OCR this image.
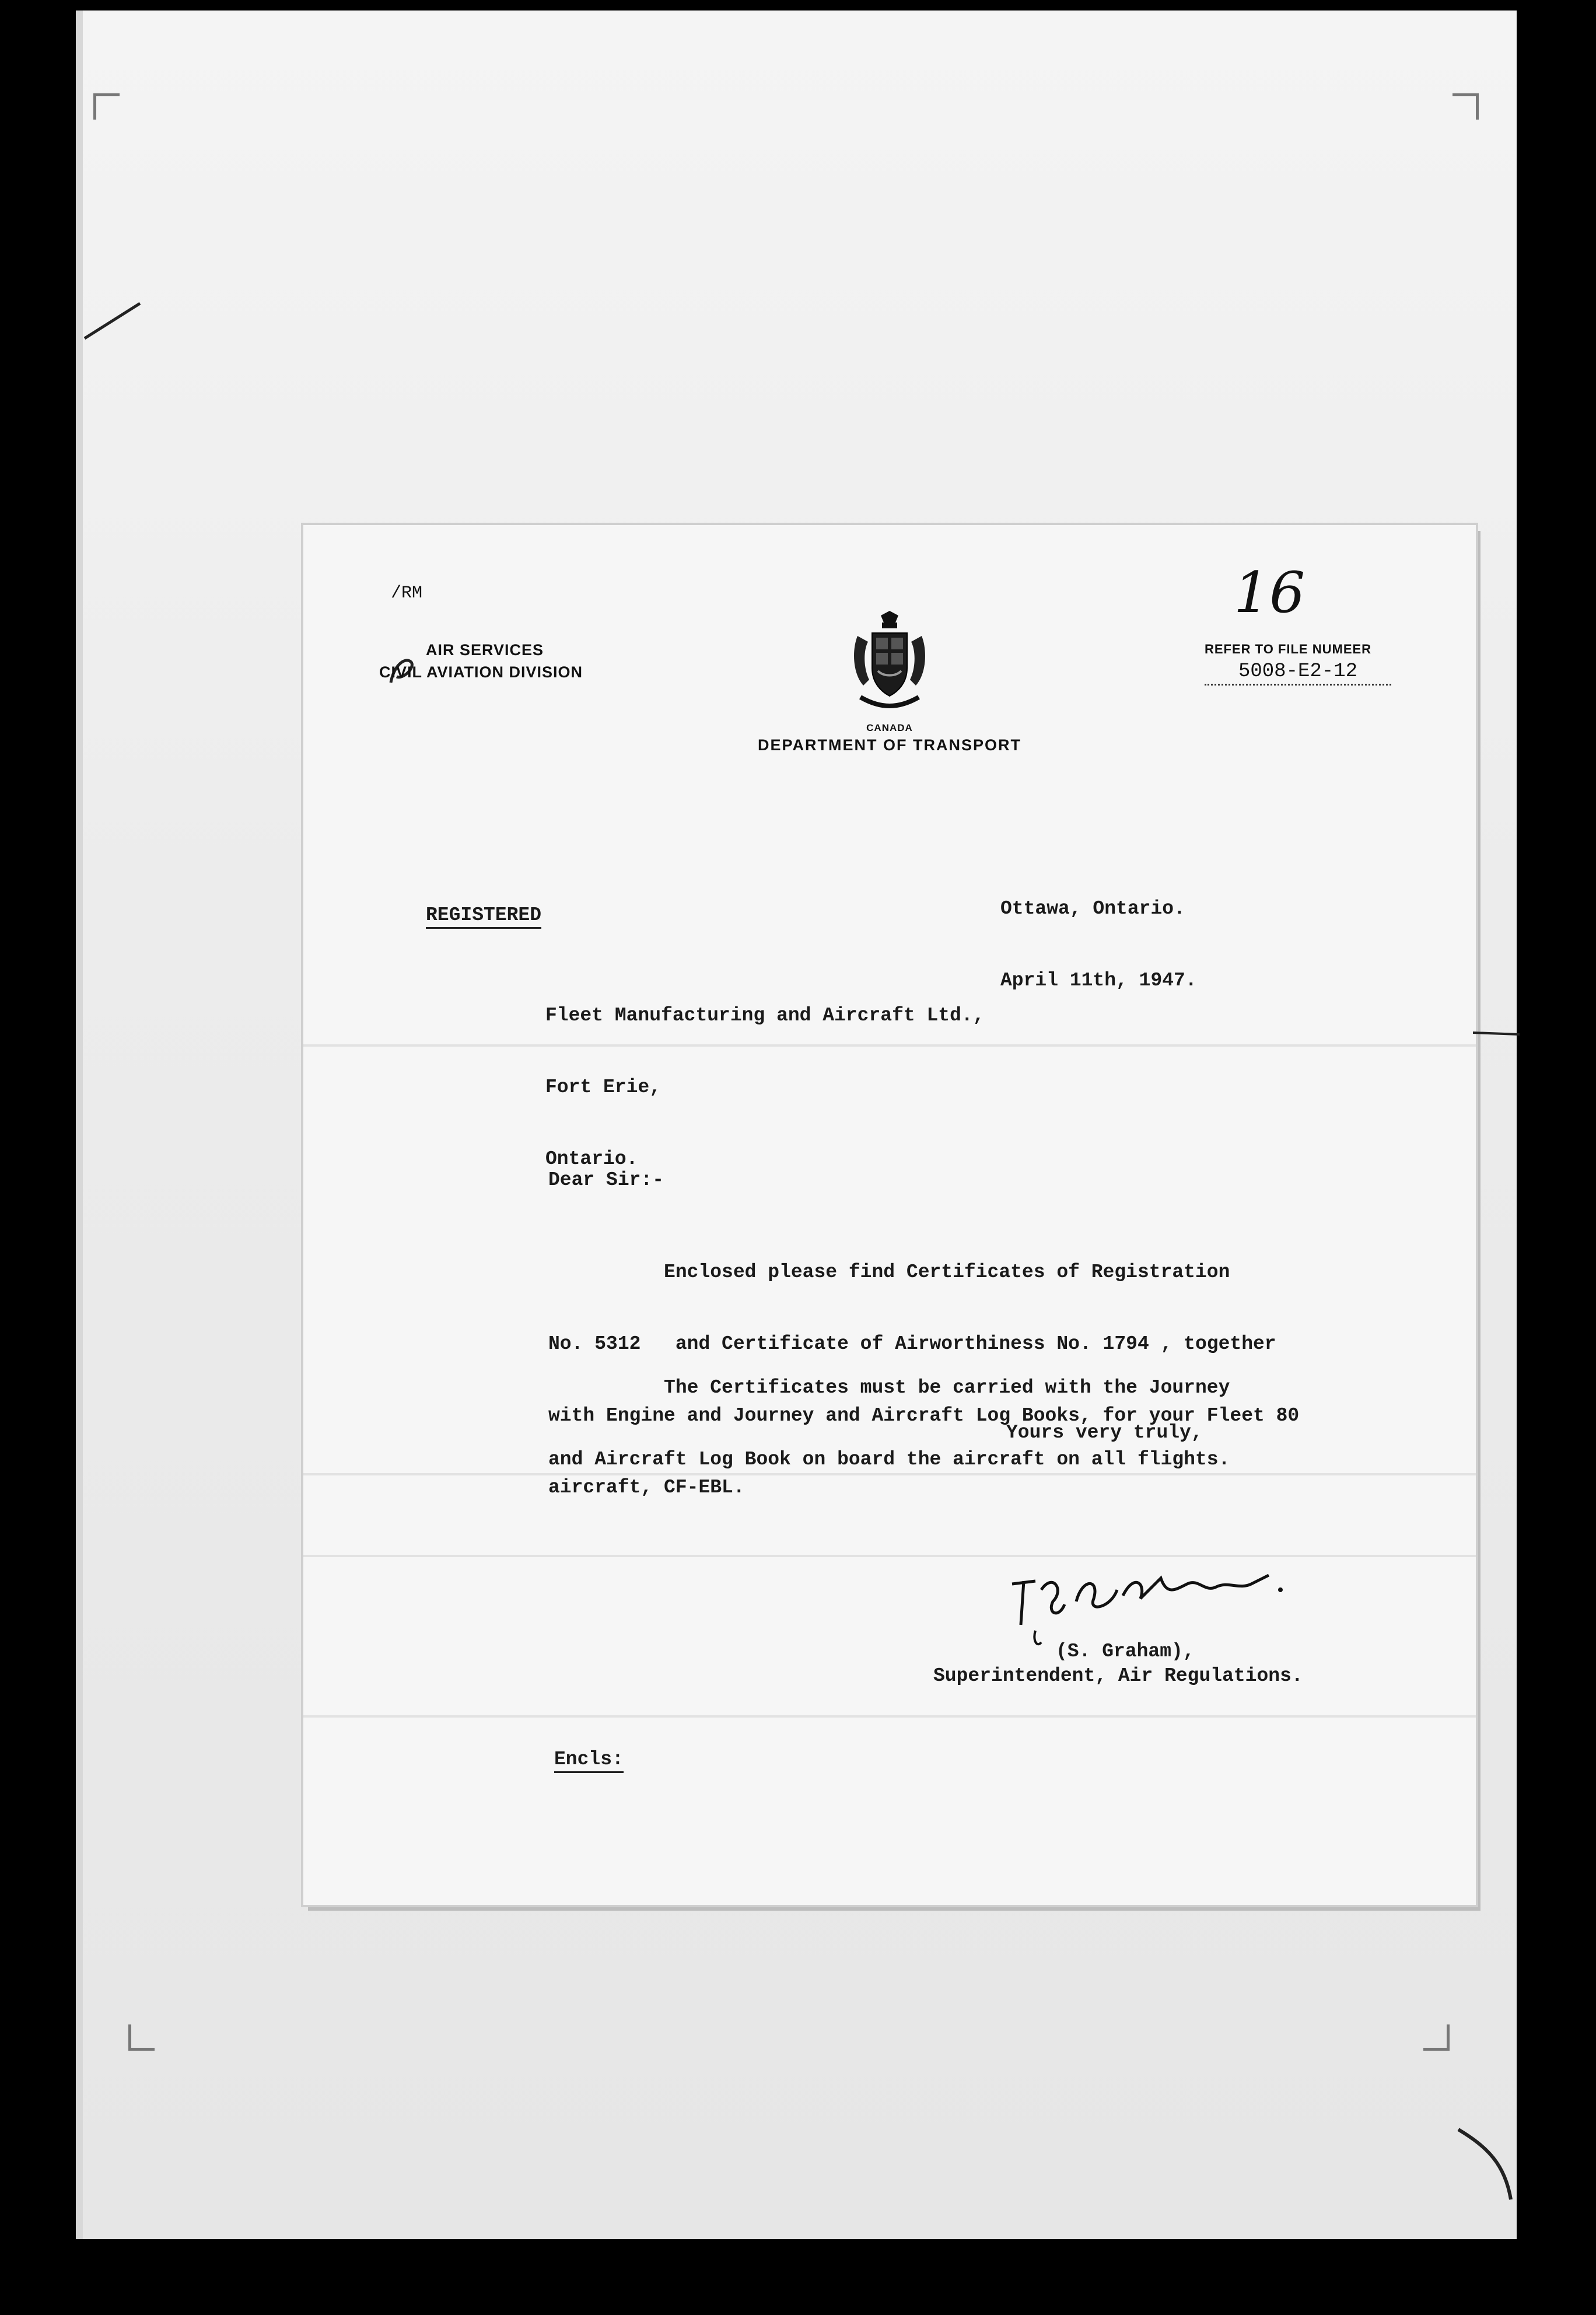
/RM
AIR SERVICES
CIVIL AVIATION DIVISION
CANADA
DEPARTMENT OF TRANSPORT
16
REFER TO FILE NUMEER
5008-E2-12

Ottawa, Ontario.

April 11th, 1947.

REGISTERED

Fleet Manufacturing and Aircraft Ltd.,

Fort Erie,

Ontario.

Dear Sir:-

Enclosed please find Certificates of Registration

No. 5312   and Certificate of Airworthiness No. 1794 , together

with Engine and Journey and Aircraft Log Books, for your Fleet 80

aircraft, CF-EBL.

The Certificates must be carried with the Journey

and Aircraft Log Book on board the aircraft on all flights.

Yours very truly,
(S. Graham),
Superintendent, Air Regulations.
Encls:
